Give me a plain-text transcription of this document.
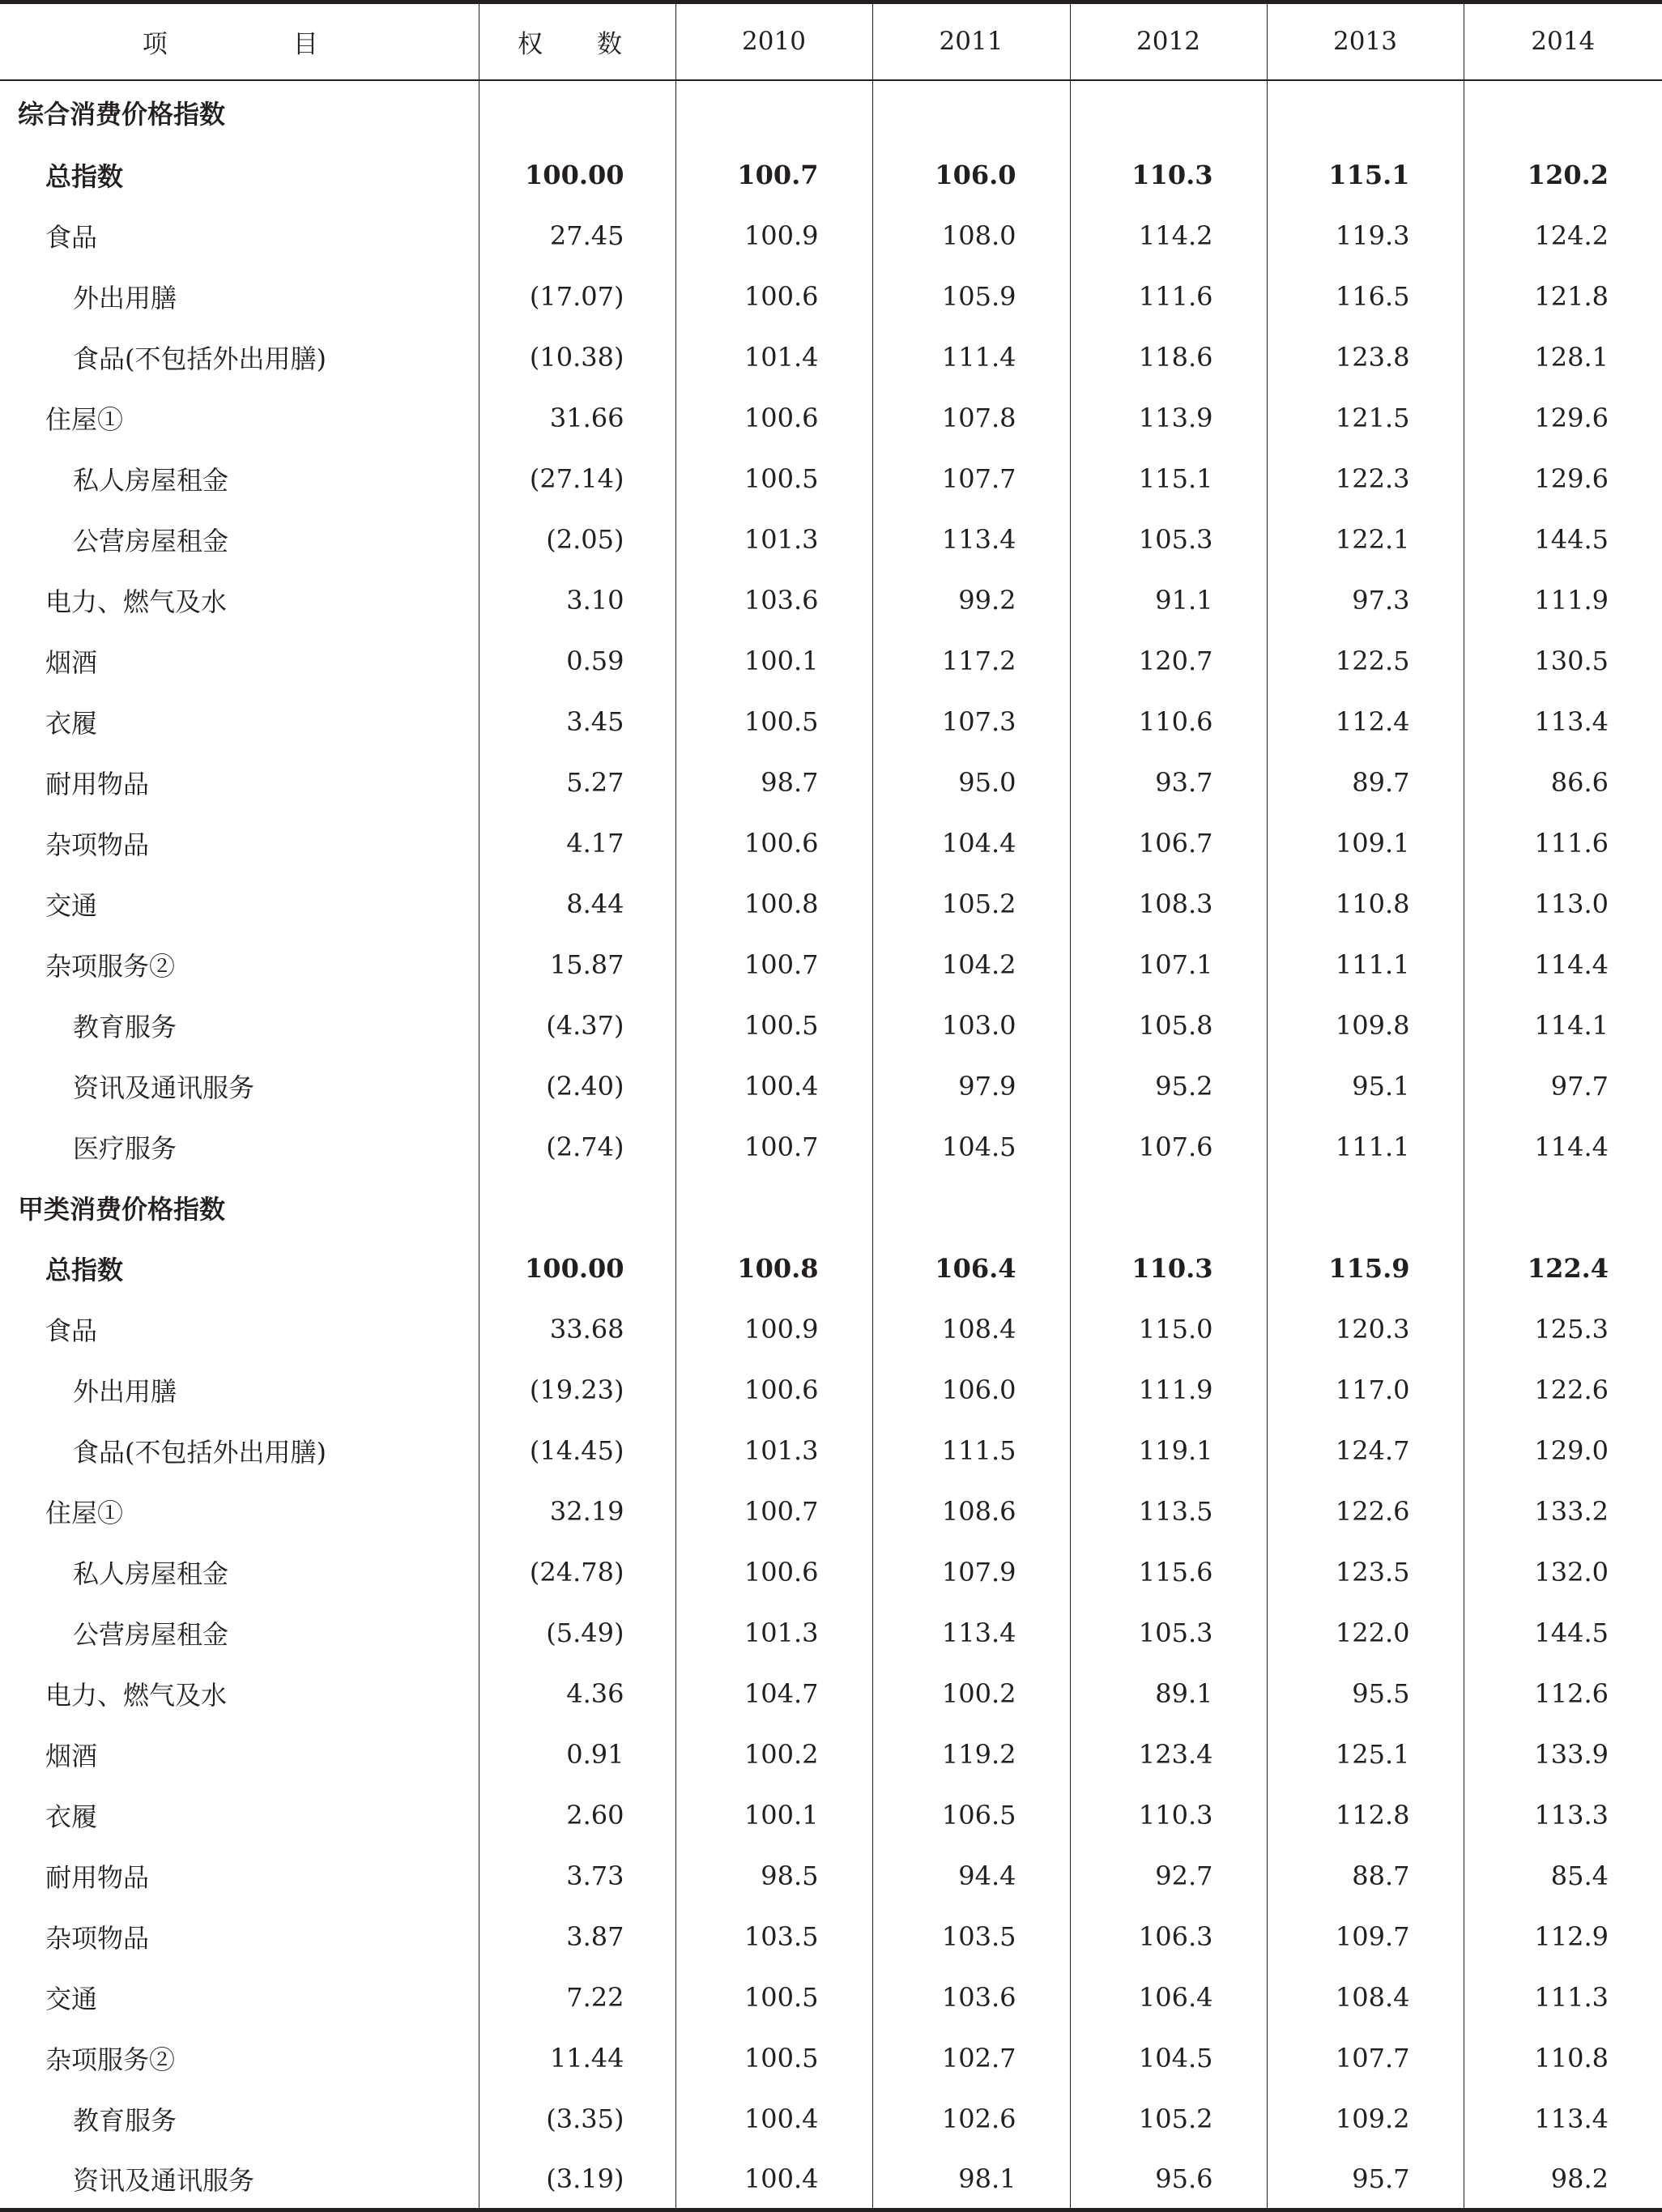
项　目	权　数	2010	2011	2012	2013	2014
综合消费价格指数						
总指数	100.00	100.7	106.0	110.3	115.1	120.2
食品	27.45	100.9	108.0	114.2	119.3	124.2
外出用膳	(17.07)	100.6	105.9	111.6	116.5	121.8
食品(不包括外出用膳)	(10.38)	101.4	111.4	118.6	123.8	128.1
住屋①	31.66	100.6	107.8	113.9	121.5	129.6
私人房屋租金	(27.14)	100.5	107.7	115.1	122.3	129.6
公营房屋租金	(2.05)	101.3	113.4	105.3	122.1	144.5
电力、燃气及水	3.10	103.6	99.2	91.1	97.3	111.9
烟酒	0.59	100.1	117.2	120.7	122.5	130.5
衣履	3.45	100.5	107.3	110.6	112.4	113.4
耐用物品	5.27	98.7	95.0	93.7	89.7	86.6
杂项物品	4.17	100.6	104.4	106.7	109.1	111.6
交通	8.44	100.8	105.2	108.3	110.8	113.0
杂项服务②	15.87	100.7	104.2	107.1	111.1	114.4
教育服务	(4.37)	100.5	103.0	105.8	109.8	114.1
资讯及通讯服务	(2.40)	100.4	97.9	95.2	95.1	97.7
医疗服务	(2.74)	100.7	104.5	107.6	111.1	114.4
甲类消费价格指数						
总指数	100.00	100.8	106.4	110.3	115.9	122.4
食品	33.68	100.9	108.4	115.0	120.3	125.3
外出用膳	(19.23)	100.6	106.0	111.9	117.0	122.6
食品(不包括外出用膳)	(14.45)	101.3	111.5	119.1	124.7	129.0
住屋①	32.19	100.7	108.6	113.5	122.6	133.2
私人房屋租金	(24.78)	100.6	107.9	115.6	123.5	132.0
公营房屋租金	(5.49)	101.3	113.4	105.3	122.0	144.5
电力、燃气及水	4.36	104.7	100.2	89.1	95.5	112.6
烟酒	0.91	100.2	119.2	123.4	125.1	133.9
衣履	2.60	100.1	106.5	110.3	112.8	113.3
耐用物品	3.73	98.5	94.4	92.7	88.7	85.4
杂项物品	3.87	103.5	103.5	106.3	109.7	112.9
交通	7.22	100.5	103.6	106.4	108.4	111.3
杂项服务②	11.44	100.5	102.7	104.5	107.7	110.8
教育服务	(3.35)	100.4	102.6	105.2	109.2	113.4
资讯及通讯服务	(3.19)	100.4	98.1	95.6	95.7	98.2
